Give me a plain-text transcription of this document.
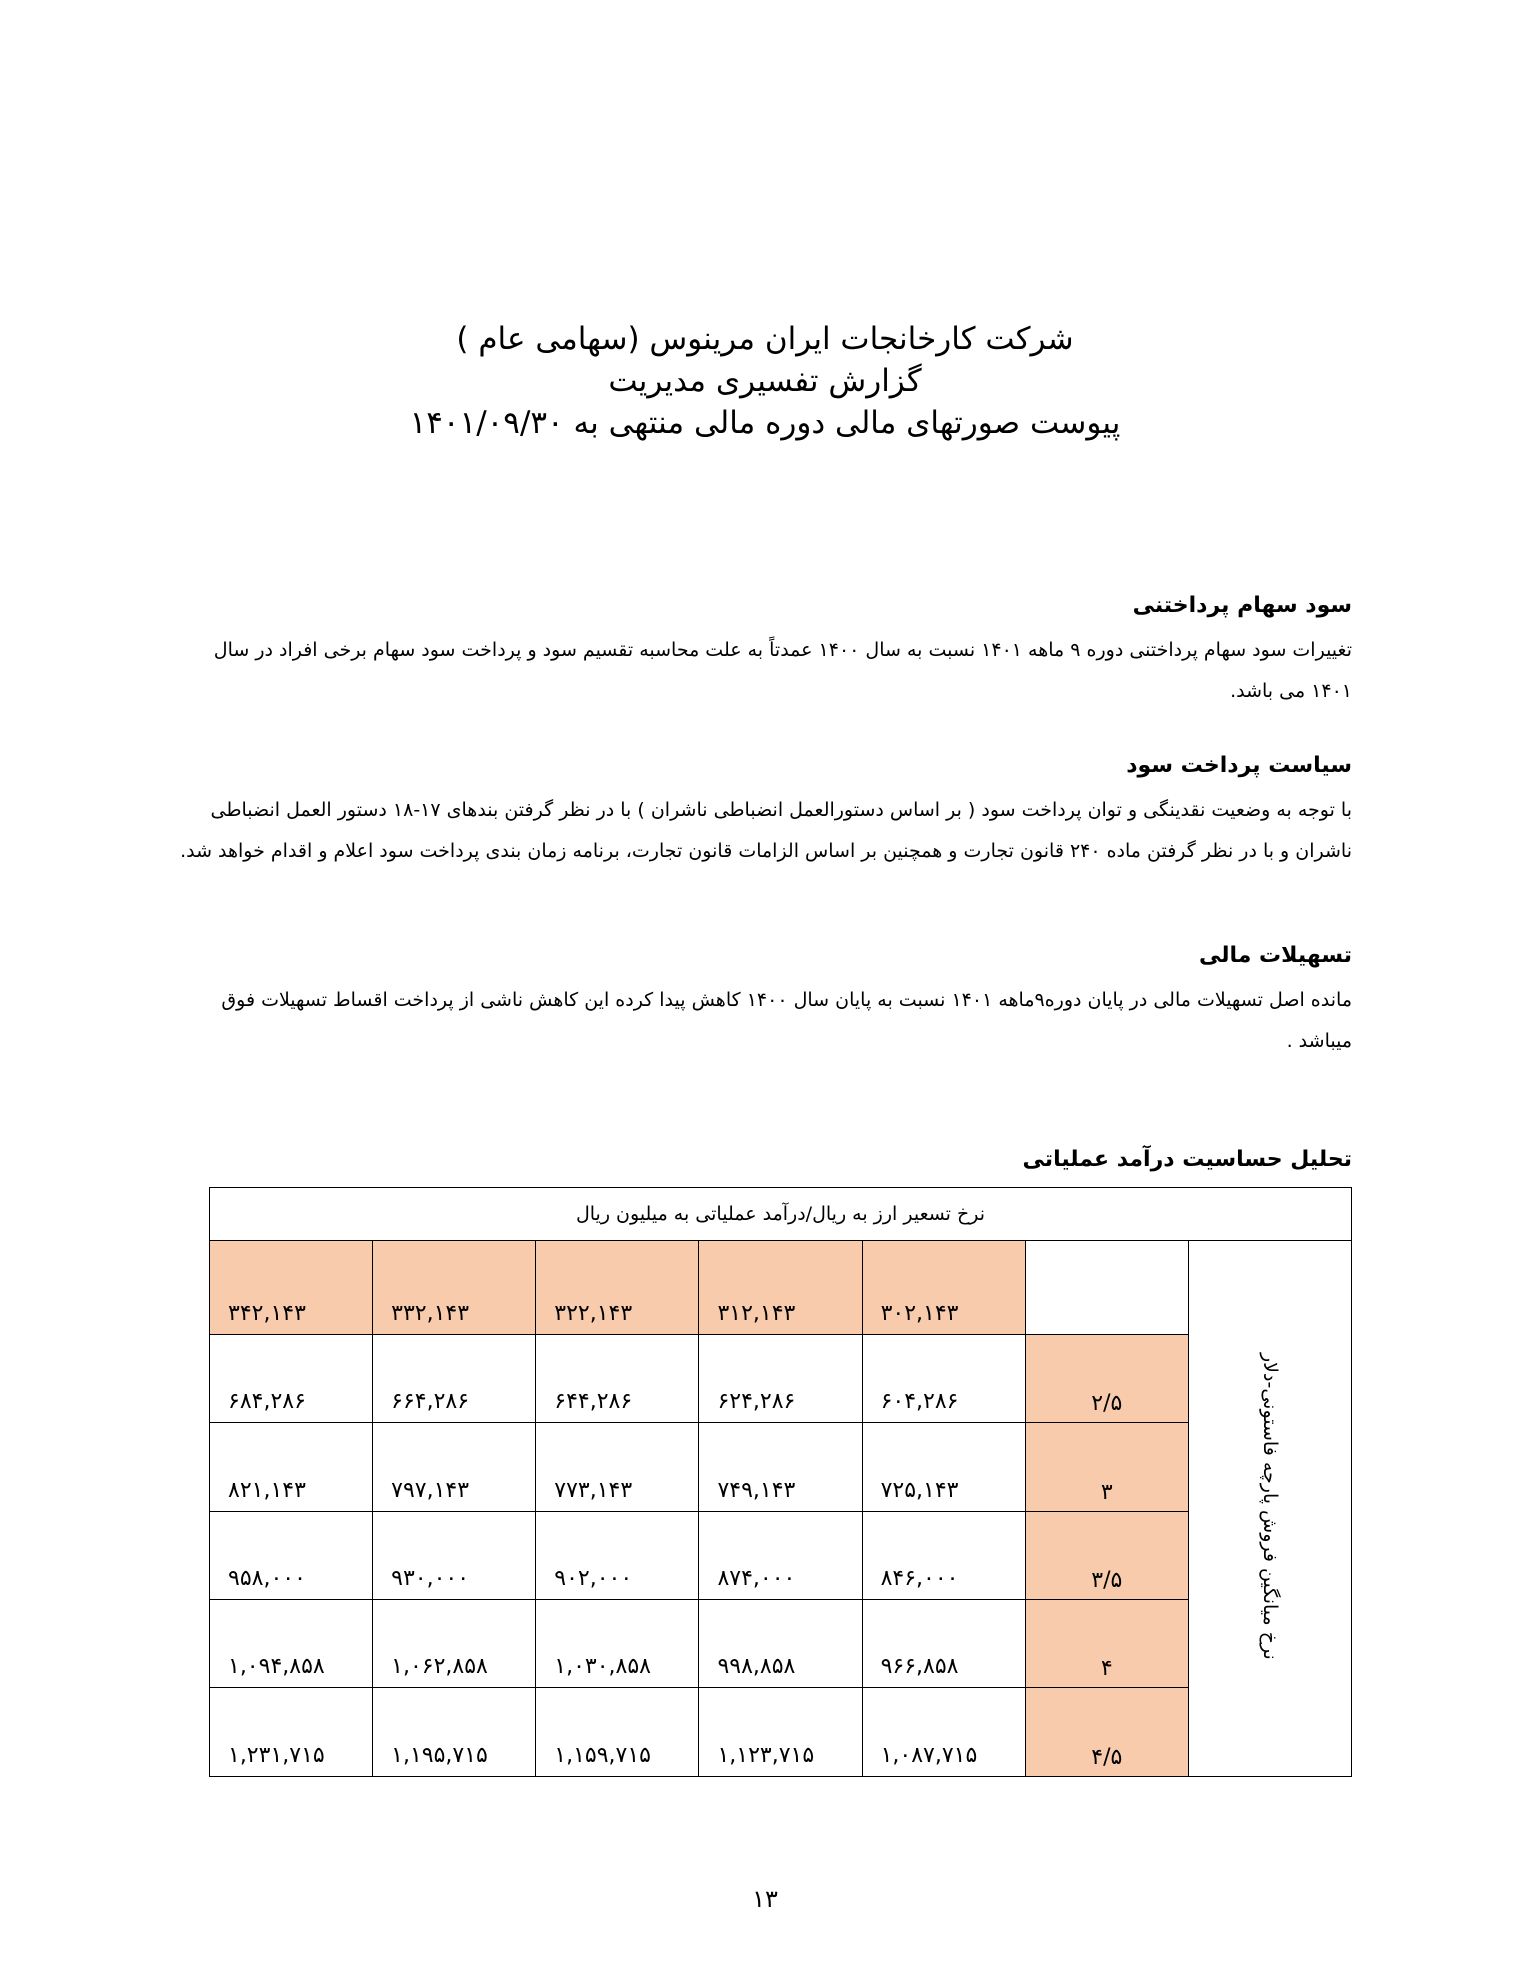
شرکت کارخانجات ایران مرینوس (سهامی عام )
گزارش تفسیری مدیریت
پیوست صورتهای مالی دوره مالی منتهی به ۱۴۰۱/۰۹/۳۰
سود سهام پرداختنی
تغییرات سود سهام پرداختنی دوره ۹ ماهه ۱۴۰۱ نسبت به سال ۱۴۰۰ عمدتاً به علت محاسبه تقسیم سود و پرداخت سود سهام برخی افراد در سال ۱۴۰۱ می باشد.
سیاست پرداخت سود
با توجه به وضعیت نقدینگی و توان پرداخت سود ( بر اساس دستورالعمل انضباطی ناشران ) با در نظر گرفتن بندهای ۱۷-۱۸ دستور العمل انضباطی ناشران و با در نظر گرفتن ماده ۲۴۰ قانون تجارت و همچنین بر اساس الزامات قانون تجارت، برنامه زمان بندی پرداخت سود اعلام و اقدام خواهد شد.
تسهیلات مالی
مانده اصل تسهیلات مالی در پایان دوره۹ماهه ۱۴۰۱ نسبت به پایان سال ۱۴۰۰ کاهش پیدا کرده این کاهش ناشی از پرداخت اقساط تسهیلات فوق میباشد .
تحلیل حساسیت درآمد عملیاتی
نرخ تسعیر ارز به ریال/درآمد عملیاتی به میلیون ریال						
نرخ میانگین فروش پارچه فاستونی-دلار		۳۰۲,۱۴۳	۳۱۲,۱۴۳	۳۲۲,۱۴۳	۳۳۲,۱۴۳	۳۴۲,۱۴۳
	۲/۵	۶۰۴,۲۸۶	۶۲۴,۲۸۶	۶۴۴,۲۸۶	۶۶۴,۲۸۶	۶۸۴,۲۸۶
	۳	۷۲۵,۱۴۳	۷۴۹,۱۴۳	۷۷۳,۱۴۳	۷۹۷,۱۴۳	۸۲۱,۱۴۳
	۳/۵	۸۴۶,۰۰۰	۸۷۴,۰۰۰	۹۰۲,۰۰۰	۹۳۰,۰۰۰	۹۵۸,۰۰۰
	۴	۹۶۶,۸۵۸	۹۹۸,۸۵۸	۱,۰۳۰,۸۵۸	۱,۰۶۲,۸۵۸	۱,۰۹۴,۸۵۸
	۴/۵	۱,۰۸۷,۷۱۵	۱,۱۲۳,۷۱۵	۱,۱۵۹,۷۱۵	۱,۱۹۵,۷۱۵	۱,۲۳۱,۷۱۵
۱۳
